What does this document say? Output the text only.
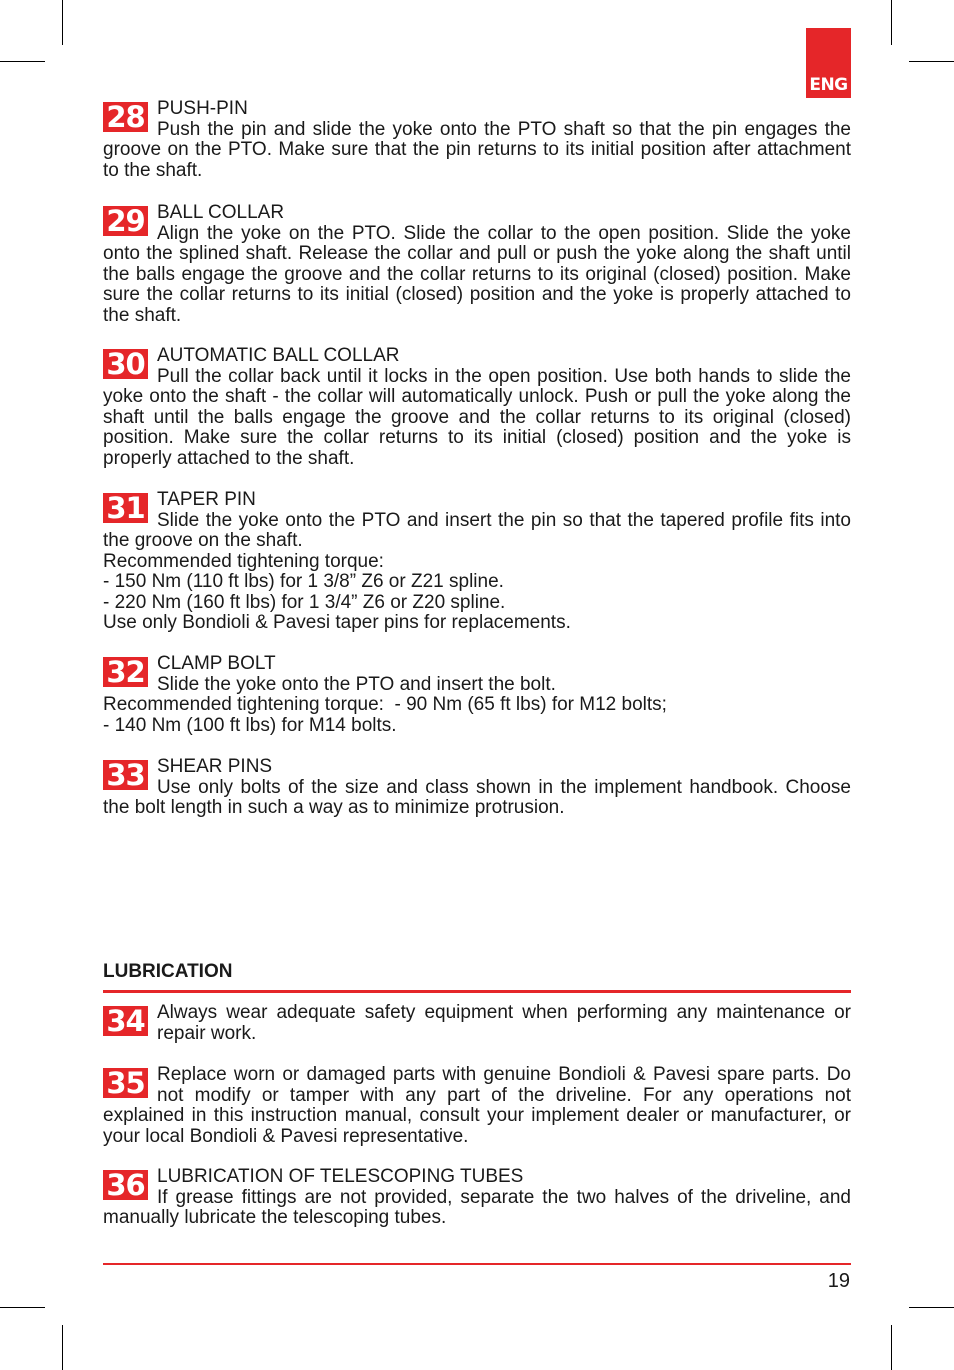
ENG
28 PUSH-PIN

Push the pin and slide the yoke onto the PTO shaft so that the pin engages the groove on the PTO. Make sure that the pin returns to its initial position after attachment to the shaft.

29 BALL COLLAR

Align the yoke on the PTO. Slide the collar to the open position. Slide the yoke onto the splined shaft. Release the collar and pull or push the yoke along the shaft until the balls engage the groove and the collar returns to its original (closed) position. Make sure the collar returns to its initial (closed) position and the yoke is properly attached to the shaft.

30 AUTOMATIC BALL COLLAR

Pull the collar back until it locks in the open position. Use both hands to slide the yoke onto the shaft - the collar will automatically unlock. Push or pull the yoke along the shaft until the balls engage the groove and the collar returns to its original (closed) position. Make sure the collar returns to its initial (closed) position and the yoke is properly attached to the shaft.

31 TAPER PIN

Slide the yoke onto the PTO and insert the pin so that the tapered profile fits into the groove on the shaft.

Recommended tightening torque:
- 150 Nm (110 ft lbs) for 1 3/8” Z6 or Z21 spline.
- 220 Nm (160 ft lbs) for 1 3/4” Z6 or Z20 spline.
Use only Bondioli & Pavesi taper pins for replacements.
32 CLAMP BOLT
Slide the yoke onto the PTO and insert the bolt.
Recommended tightening torque:  - 90 Nm (65 ft lbs) for M12 bolts;
- 140 Nm (100 ft lbs) for M14 bolts.
33 SHEAR PINS

Use only bolts of the size and class shown in the implement handbook. Choose the bolt length in such a way as to minimize protrusion.

LUBRICATION
34 Always wear adequate safety equipment when performing any maintenance or repair work.

35 Replace worn or damaged parts with genuine Bondioli & Pavesi spare parts. Do not modify or tamper with any part of the driveline. For any operations not explained in this instruction manual, consult your implement dealer or manufacturer, or your local Bondioli & Pavesi representative.

36 LUBRICATION OF TELESCOPING TUBES

If grease fittings are not provided, separate the two halves of the driveline, and manually lubricate the telescoping tubes.

19
